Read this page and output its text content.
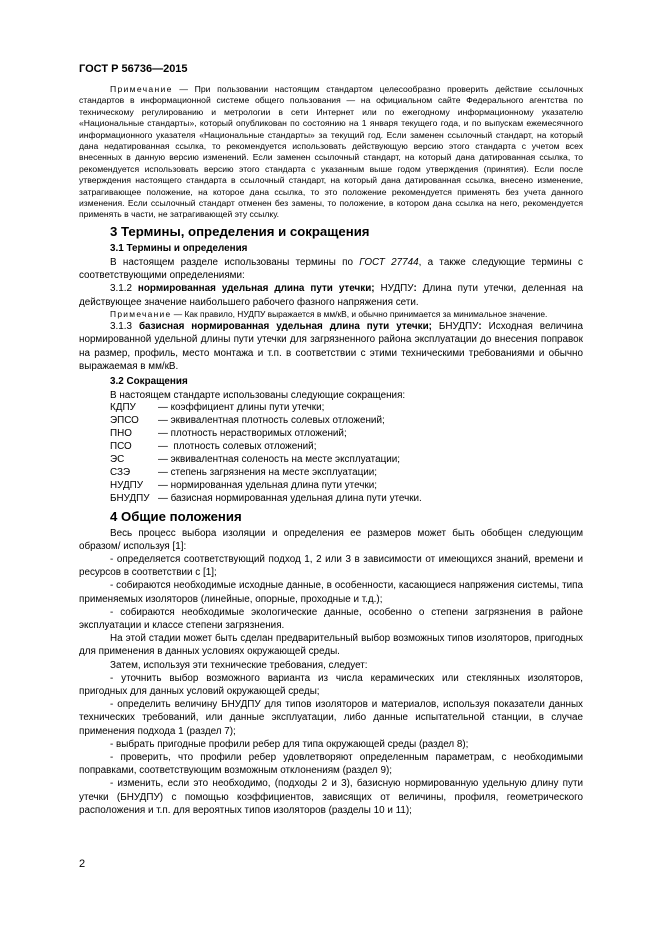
ГОСТ Р 56736—2015

Примечание — При пользовании настоящим стандартом целесообразно проверить действие ссылочных стандартов в информационной системе общего пользования — на официальном сайте Федерального агентства по техническому регулированию и метрологии в сети Интернет или по ежегодному информационному указателю «Национальные стандарты», который опубликован по состоянию на 1 января текущего года, и по выпускам ежемесячного информационного указателя «Национальные стандарты» за текущий год. Если заменен ссылочный стандарт, на который дана недатированная ссылка, то рекомендуется использовать действующую версию этого стандарта с учетом всех внесенных в данную версию изменений. Если заменен ссылочный стандарт, на который дана датированная ссылка, то рекомендуется использовать версию этого стандарта с указанным выше годом утверждения (принятия). Если после утверждения настоящего стандарта в ссылочный стандарт, на который дана датированная ссылка, внесено изменение, затрагивающее положение, на которое дана ссылка, то это положение рекомендуется применять без учета данного изменения. Если ссылочный стандарт отменен без замены, то положение, в котором дана ссылка на него, рекомендуется применять в части, не затрагивающей эту ссылку.

3 Термины, определения и сокращения
3.1 Термины и определения

В настоящем разделе использованы термины по ГОСТ 27744, а также следующие термины с соответствующими определениями:

3.1.2 нормированная удельная длина пути утечки; НУДПУ: Длина пути утечки, деленная на действующее значение наибольшего рабочего фазного напряжения сети.

Примечание — Как правило, НУДПУ выражается в мм/кВ, и обычно принимается за минимальное значение.

3.1.3 базисная нормированная удельная длина пути утечки; БНУДПУ: Исходная величина нормированной удельной длины пути утечки для загрязненного района эксплуатации до внесения поправок на размер, профиль, место монтажа и т.п. в соответствии с этими техническими требованиями и обычно выражаемая в мм/кВ.

3.2 Сокращения

В настоящем стандарте использованы следующие сокращения:

КДПУ	— коэффициент длины пути утечки;
ЭПСО	— эквивалентная плотность солевых отложений;
ПНО	— плотность нерастворимых отложений;
ПСО	—  плотность солевых отложений;
ЭС	— эквивалентная соленость на месте эксплуатации;
СЗЭ	— степень загрязнения на месте эксплуатации;
НУДПУ	— нормированная удельная длина пути утечки;
БНУДПУ — базисная нормированная удельная длина пути утечки.
4 Общие положения

Весь процесс выбора изоляции и определения ее размеров может быть обобщен следующим образом/ используя [1]:

- определяется соответствующий подход 1, 2 или 3 в зависимости от имеющихся знаний, времени и ресурсов в соответствии с [1];

- собираются необходимые исходные данные, в особенности, касающиеся напряжения системы, типа применяемых изоляторов (линейные, опорные, проходные и т.д.);

- собираются необходимые экологические данные, особенно о степени загрязнения в районе эксплуатации и классе степени загрязнения.

На этой стадии может быть сделан предварительный выбор возможных типов изоляторов, пригодных для применения в данных условиях окружающей среды.

Затем, используя эти технические требования, следует:

- уточнить выбор возможного варианта из числа керамических или стеклянных изоляторов, пригодных для данных условий окружающей среды;

- определить величину БНУДПУ для типов изоляторов и материалов, используя показатели данных технических требований, или данные эксплуатации, либо данные испытательной станции, в случае применения подхода 1 (раздел 7);

- выбрать пригодные профили ребер для типа окружающей среды (раздел 8);

- проверить, что профили ребер удовлетворяют определенным параметрам, с необходимыми поправками, соответствующим возможным отклонениям (раздел 9);

- изменить, если это необходимо, (подходы 2 и 3), базисную нормированную удельную длину пути утечки (БНУДПУ) с помощью коэффициентов, зависящих от величины, профиля, геометрического расположения и т.п. для вероятных типов изоляторов (разделы 10 и 11);

2
